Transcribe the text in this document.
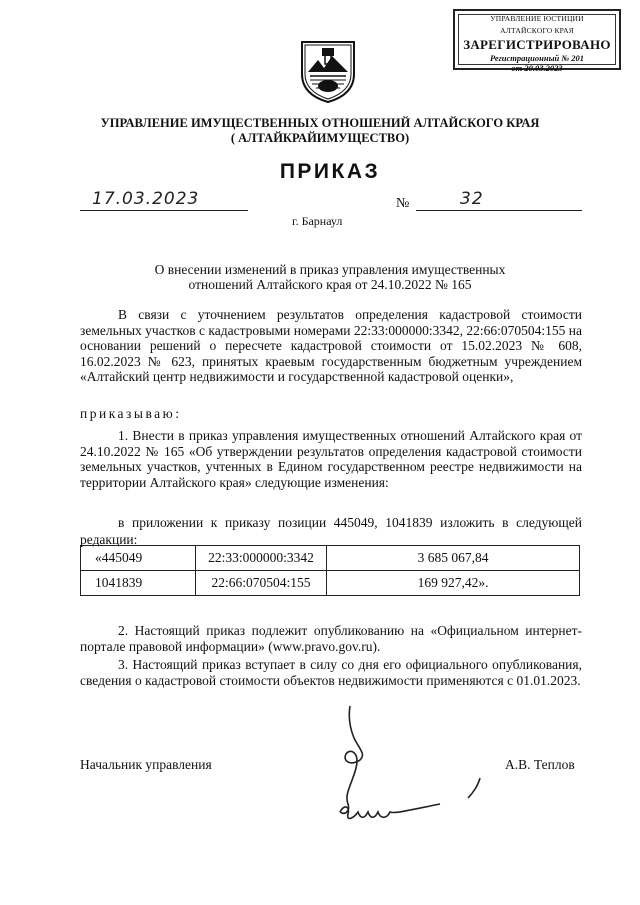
УПРАВЛЕНИЕ ЮСТИЦИИ
АЛТАЙСКОГО КРАЯ
ЗАРЕГИСТРИРОВАНО
Регистрационный № 201
от 20.03.2023
УПРАВЛЕНИЕ ИМУЩЕСТВЕННЫХ ОТНОШЕНИЙ АЛТАЙСКОГО КРАЯ
( АЛТАЙКРАЙИМУЩЕСТВО)
ПРИКАЗ
17.03.2023	№	32
г. Барнаул
О внесении изменений в приказ управления имущественных
отношений Алтайского края от 24.10.2022 № 165
В связи с уточнением результатов определения кадастровой стоимости земельных участков с кадастровыми номерами 22:33:000000:3342, 22:66:070504:155 на основании решений о пересчете кадастровой стоимости от 15.02.2023 № 608, 16.02.2023 № 623, принятых краевым государственным бюджетным учреждением «Алтайский центр недвижимости и государственной кадастровой оценки»,
приказываю:
1. Внести в приказ управления имущественных отношений Алтайского края от 24.10.2022 № 165 «Об утверждении результатов определения кадастровой стоимости земельных участков, учтенных в Едином государственном реестре недвижимости на территории Алтайского края» следующие изменения:
в приложении к приказу позиции 445049, 1041839 изложить в следующей редакции:
«445049	22:33:000000:3342	3 685 067,84
1041839	22:66:070504:155	169 927,42».
2. Настоящий приказ подлежит опубликованию на «Официальном интернет-портале правовой информации» (www.pravo.gov.ru).
3. Настоящий приказ вступает в силу со дня его официального опубликования, сведения о кадастровой стоимости объектов недвижимости применяются с 01.01.2023.
Начальник управления	А.В. Теплов
